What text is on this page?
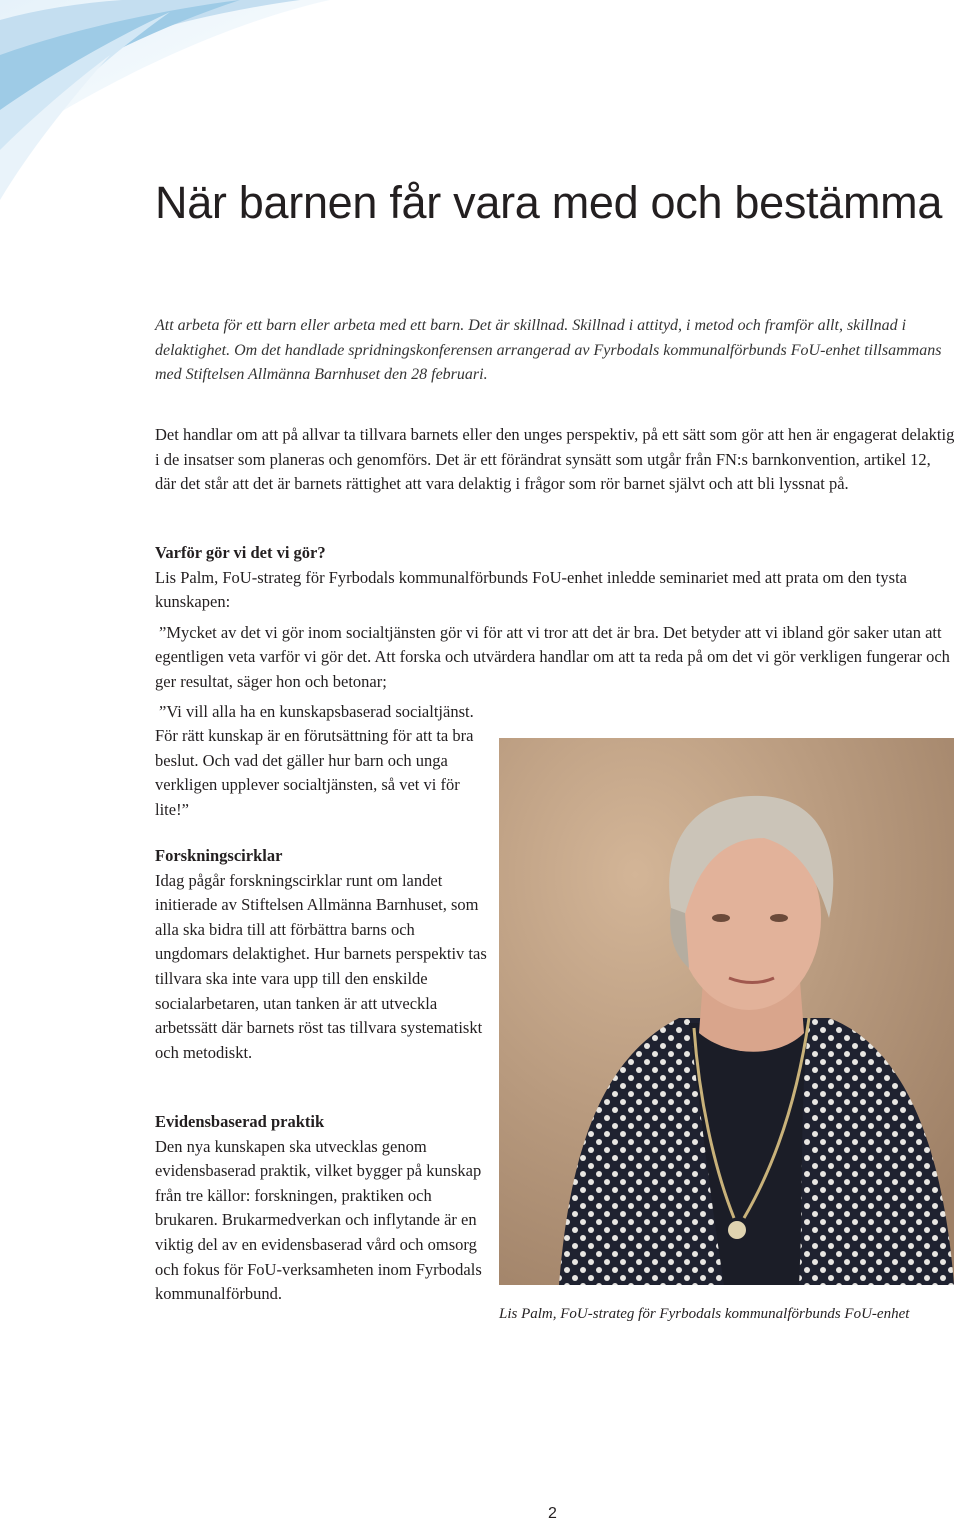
När barnen får vara med och bestämma

Att arbeta för ett barn eller arbeta med ett barn. Det är skillnad. Skillnad i attityd, i metod och framför allt, skillnad i delaktighet. Om det handlade spridningskonferensen arrangerad av Fyrbodals kommunalförbunds FoU-enhet tillsammans med Stiftelsen Allmänna Barnhuset den 28 februari.

Det handlar om att på allvar ta tillvara barnets eller den unges perspektiv, på ett sätt som gör att hen är engagerat delaktig i de insatser som planeras och genomförs. Det är ett förändrat synsätt som utgår från FN:s barnkonvention, artikel 12, där det står att det är barnets rättighet att vara delaktig i frågor som rör barnet självt och att bli lyssnat på.

Varför gör vi det vi gör?

Lis Palm, FoU-strateg för Fyrbodals kommunalförbunds FoU-enhet inledde seminariet med att prata om den tysta kunskapen:

”Mycket av det vi gör inom socialtjänsten gör vi för att vi tror att det är bra. Det betyder att vi ibland gör saker utan att egentligen veta varför vi gör det. Att forska och utvärdera handlar om att ta reda på om det vi gör verkligen fungerar och ger resultat, säger hon och betonar;

”Vi vill alla ha en kunskapsbaserad socialtjänst. För rätt kunskap är en förutsättning för att ta bra beslut. Och vad det gäller hur barn och unga verkligen upplever socialtjänsten, så vet vi för lite!”

Forskningscirklar

Idag pågår forskningscirklar runt om landet initierade av Stiftelsen Allmänna Barnhuset, som alla ska bidra till att förbättra barns och ungdomars delaktighet. Hur barnets perspektiv tas tillvara ska inte vara upp till den enskilde socialarbetaren, utan tanken är att utveckla arbetssätt där barnets röst tas tillvara systematiskt och metodiskt.

Evidensbaserad praktik

Den nya kunskapen ska utvecklas genom evidensbaserad praktik, vilket bygger på kunskap från tre källor: forskningen, praktiken och brukaren. Brukarmedverkan och inflytande är en viktig del av en evidensbaserad vård och omsorg och fokus för FoU-verksamheten inom Fyrbodals kommunalförbund.

Lis Palm, FoU-strateg för Fyrbodals kommunalförbunds FoU-enhet

2
